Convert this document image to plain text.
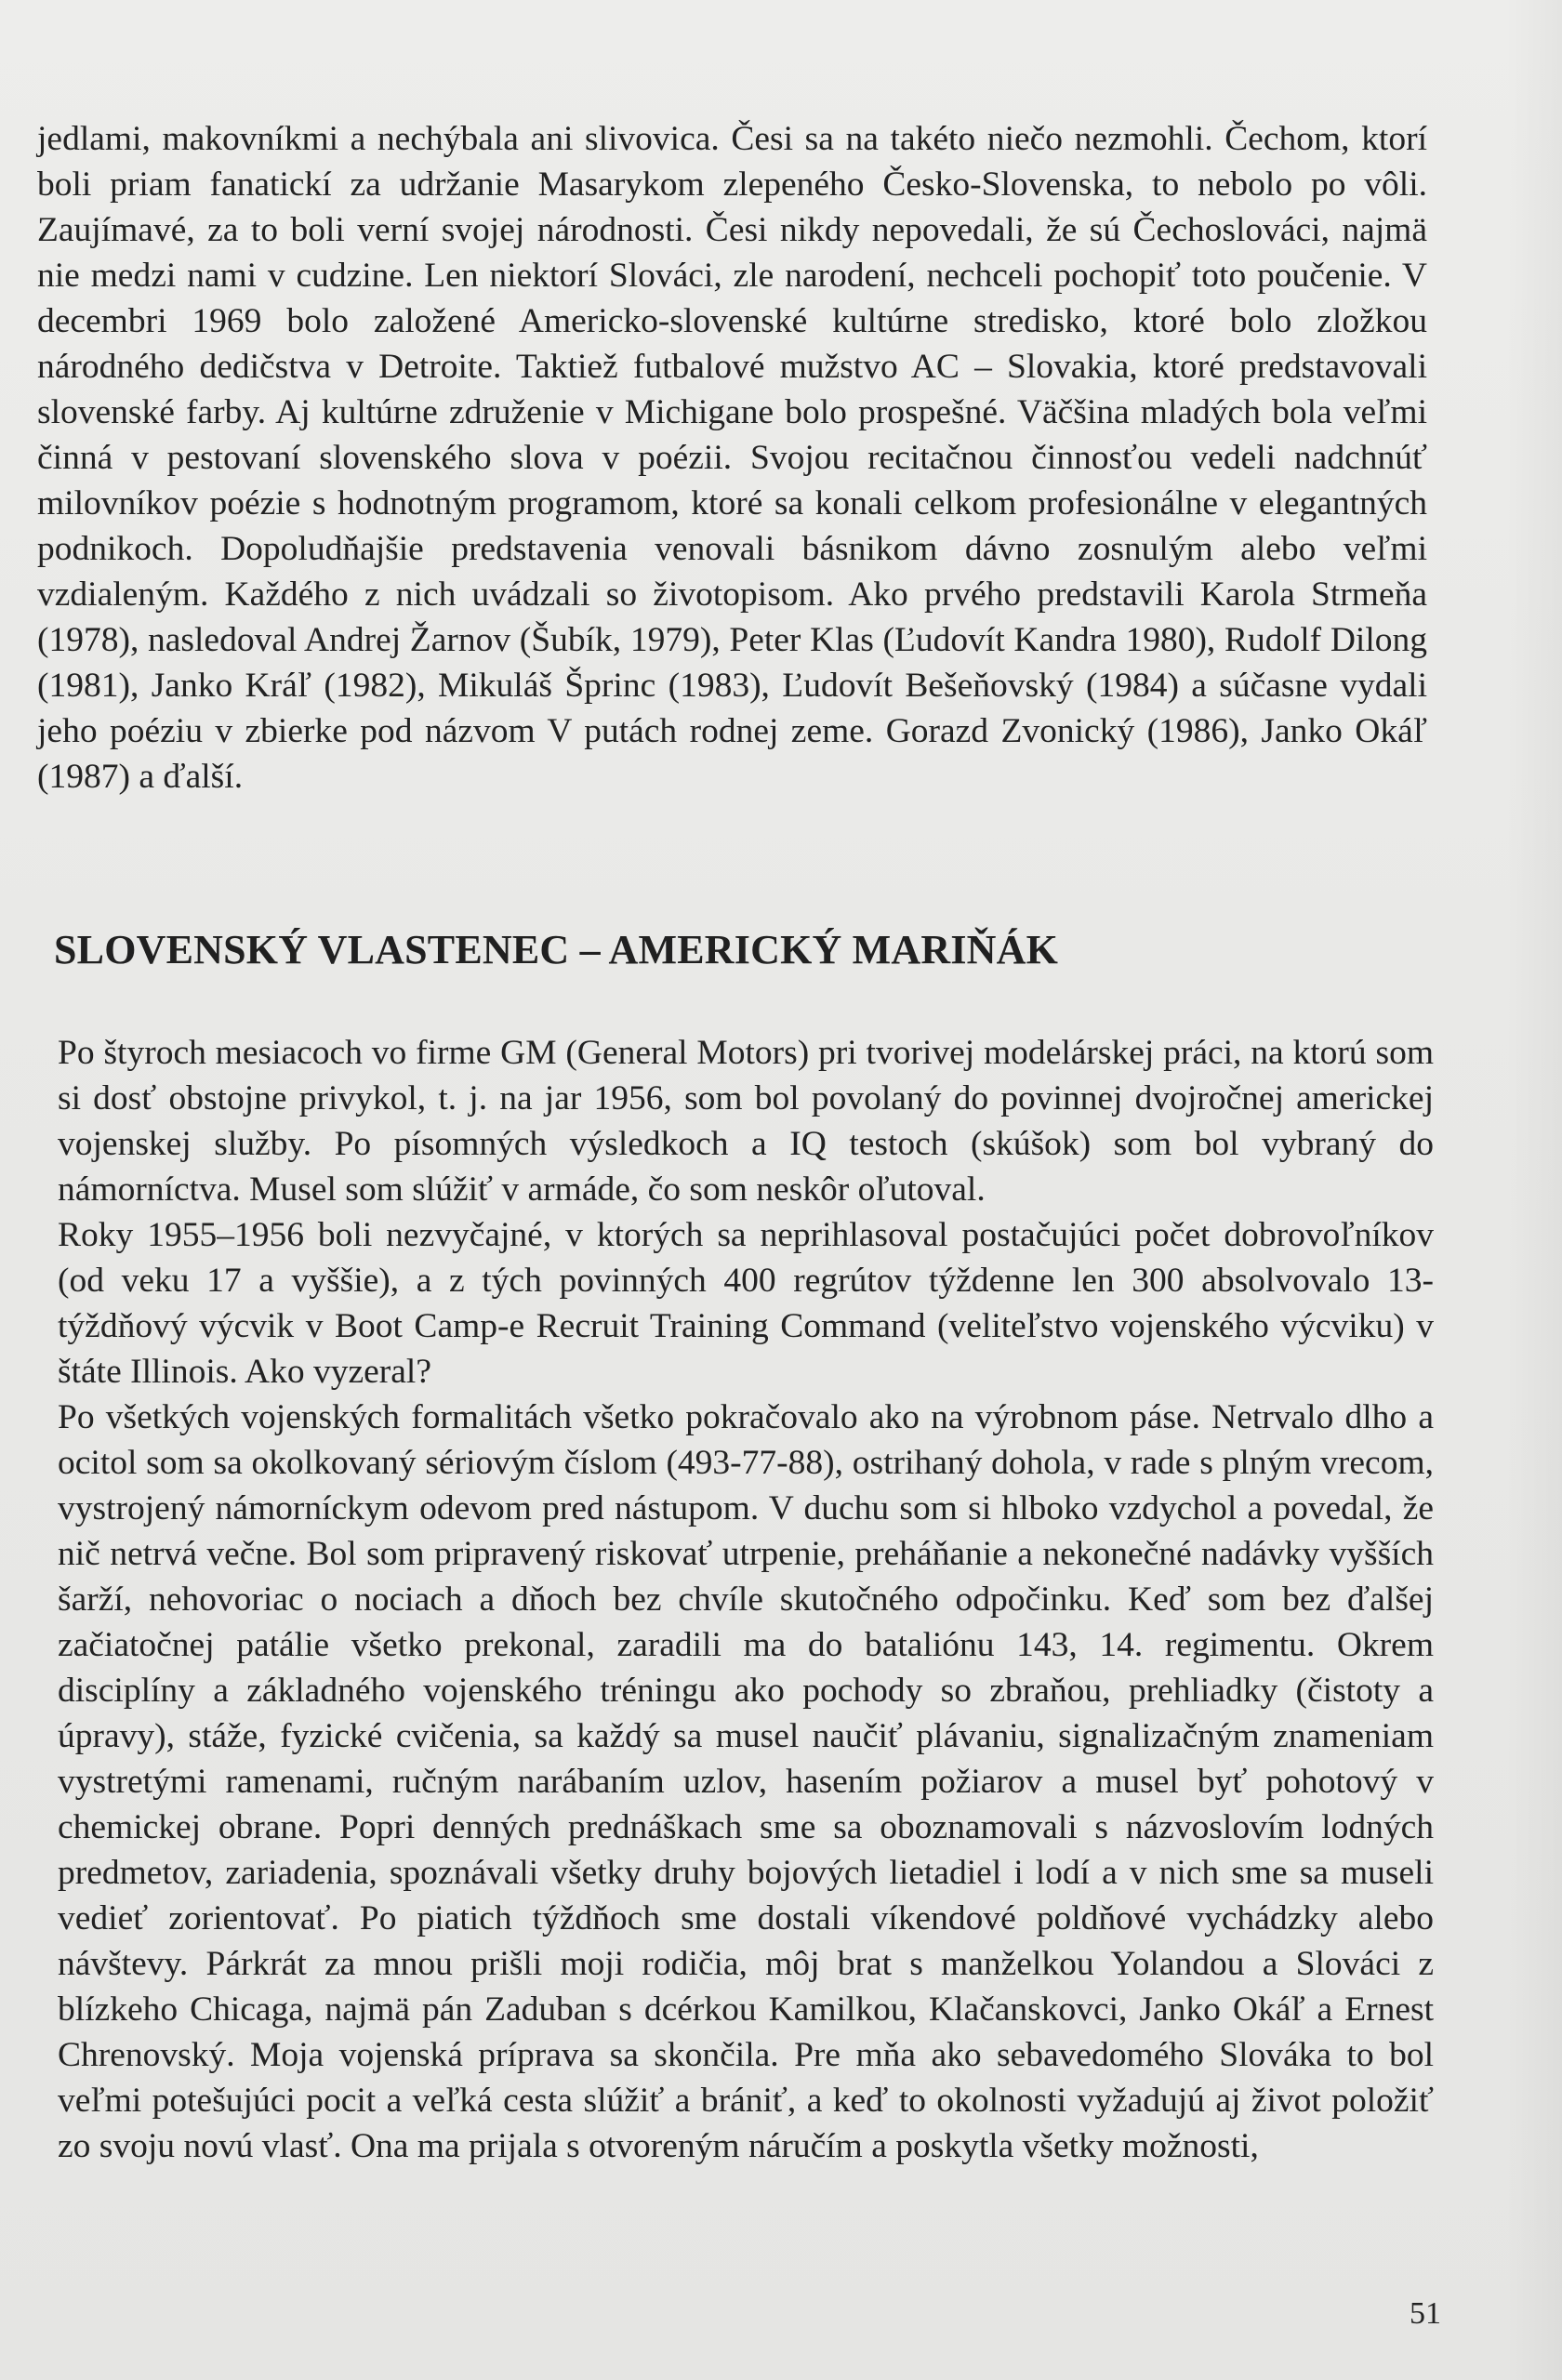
jedlami, makovníkmi a nechýbala ani slivovica. Česi sa na takéto niečo nezmohli. Čechom, ktorí boli priam fanatickí za udržanie Masarykom zlepeného Česko-Slovenska, to nebolo po vôli. Zaujímavé, za to boli verní svojej národnosti. Česi nikdy nepovedali, že sú Čechoslováci, najmä nie medzi nami v cudzine. Len niektorí Slováci, zle narodení, nechceli pochopiť toto poučenie. V decembri 1969 bolo založené Americko-slovenské kultúrne stredisko, ktoré bolo zložkou národného dedičstva v Detroite. Taktiež futbalové mužstvo AC – Slovakia, ktoré predstavovali slovenské farby. Aj kultúrne združenie v Michigane bolo prospešné. Väčšina mladých bola veľmi činná v pestovaní slovenského slova v poézii. Svojou recitačnou činnosťou vedeli nadchnúť milovníkov poézie s hodnotným programom, ktoré sa konali celkom profesionálne v elegantných podnikoch. Dopoludňajšie predstavenia venovali básnikom dávno zosnulým alebo veľmi vzdialeným. Každého z nich uvádzali so životopisom. Ako prvého predstavili Karola Strmeňa (1978), nasledoval Andrej Žarnov (Šubík, 1979), Peter Klas (Ľudovít Kandra 1980), Rudolf Dilong (1981), Janko Kráľ (1982), Mikuláš Šprinc (1983), Ľudovít Bešeňovský (1984) a súčasne vydali jeho poéziu v zbierke pod názvom V putách rodnej zeme. Gorazd Zvonický (1986), Janko Okáľ (1987) a ďalší.

SLOVENSKÝ VLASTENEC – AMERICKÝ MARIŇÁK

Po štyroch mesiacoch vo firme GM (General Motors) pri tvorivej modelárskej práci, na ktorú som si dosť obstojne privykol, t. j. na jar 1956, som bol povolaný do povinnej dvojročnej americkej vojenskej služby. Po písomných výsledkoch a IQ testoch (skúšok) som bol vybraný do námorníctva. Musel som slúžiť v armáde, čo som neskôr oľutoval.

Roky 1955–1956 boli nezvyčajné, v ktorých sa neprihlasoval postačujúci počet dobrovoľníkov (od veku 17 a vyššie), a z tých povinných 400 regrútov týždenne len 300 absolvovalo 13-týždňový výcvik v Boot Camp-e Recruit Training Command (veliteľstvo vojenského výcviku) v štáte Illinois. Ako vyzeral?

Po všetkých vojenských formalitách všetko pokračovalo ako na výrobnom páse. Netrvalo dlho a ocitol som sa okolkovaný sériovým číslom (493-77-88), ostrihaný dohola, v rade s plným vrecom, vystrojený námorníckym odevom pred nástupom. V duchu som si hlboko vzdychol a povedal, že nič netrvá večne. Bol som pripravený riskovať utrpenie, preháňanie a nekonečné nadávky vyšších šarží, nehovoriac o nociach a dňoch bez chvíle skutočného odpočinku. Keď som bez ďalšej začiatočnej patálie všetko prekonal, zaradili ma do bataliónu 143, 14. regimentu. Okrem disciplíny a základného vojenského tréningu ako pochody so zbraňou, prehliadky (čistoty a úpravy), stáže, fyzické cvičenia, sa každý sa musel naučiť plávaniu, signalizačným znameniam vystretými ramenami, ručným narábaním uzlov, hasením požiarov a musel byť pohotový v chemickej obrane. Popri denných prednáškach sme sa oboznamovali s názvoslovím lodných predmetov, zariadenia, spoznávali všetky druhy bojových lietadiel i lodí a v nich sme sa museli vedieť zorientovať. Po piatich týždňoch sme dostali víkendové poldňové vychádzky alebo návštevy. Párkrát za mnou prišli moji rodičia, môj brat s manželkou Yolandou a Slováci z blízkeho Chicaga, najmä pán Zaduban s dcérkou Kamilkou, Klačanskovci, Janko Okáľ a Ernest Chrenovský. Moja vojenská príprava sa skončila. Pre mňa ako sebavedomého Slováka to bol veľmi potešujúci pocit a veľká cesta slúžiť a brániť, a keď to okolnosti vyžadujú aj život položiť zo svoju novú vlasť. Ona ma prijala s otvoreným náručím a poskytla všetky možnosti,

51
